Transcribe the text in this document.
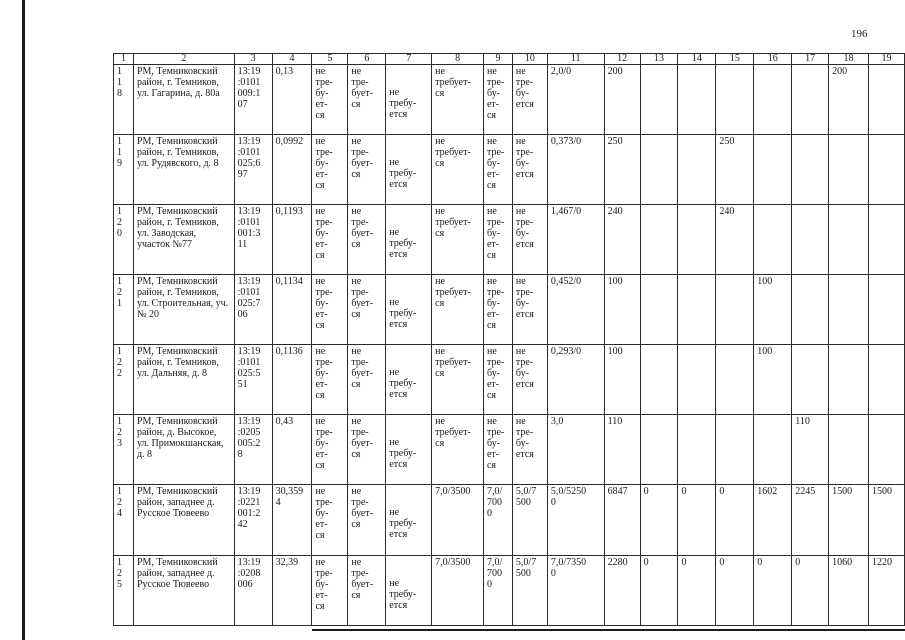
196
1	2	3	4	5	6	7	8	9	10	11	12	13	14	15	16	17	18	19
1
1
8	РМ, Темниковский район, г. Темников, ул. Гагарина, д. 80а	13:19
:0101
009:1
07	0,13	не
тре-
бу-
ет-
ся	не
тре-
бует-
ся	не
требу-
ется	не
требует-
ся	не
тре-
бу-
ет-
ся	не
тре-
бу-
ется	2,0/0	200						200	
1
1
9	РМ, Темниковский район, г. Темников, ул. Рудявского, д. 8	13:19
:0101
025:6
97	0,0992	не
тре-
бу-
ет-
ся	не
тре-
бует-
ся	не
требу-
ется	не
требует-
ся	не
тре-
бу-
ет-
ся	не
тре-
бу-
ется	0,373/0	250			250				
1
2
0	РМ, Темниковский район, г. Темников, ул. Заводская, участок №77	13:19
:0101
001:3
11	0,1193	не
тре-
бу-
ет-
ся	не
тре-
бует-
ся	не
требу-
ется	не
требует-
ся	не
тре-
бу-
ет-
ся	не
тре-
бу-
ется	1,467/0	240			240				
1
2
1	РМ, Темниковский район, г. Темников, ул. Строительная, уч. № 20	13:19
:0101
025:7
06	0,1134	не
тре-
бу-
ет-
ся	не
тре-
бует-
ся	не
требу-
ется	не
требует-
ся	не
тре-
бу-
ет-
ся	не
тре-
бу-
ется	0,452/0	100				100			
1
2
2	РМ, Темниковский район, г. Темников, ул. Дальняя, д. 8	13:19
:0101
025:5
51	0,1136	не
тре-
бу-
ет-
ся	не
тре-
бует-
ся	не
требу-
ется	не
требует-
ся	не
тре-
бу-
ет-
ся	не
тре-
бу-
ется	0,293/0	100				100			
1
2
3	РМ, Темниковский район, д. Высокое, ул. Примокшанская, д. 8	13:19
:0205
005:2
8	0,43	не
тре-
бу-
ет-
ся	не
тре-
бует-
ся	не
требу-
ется	не
требует-
ся	не
тре-
бу-
ет-
ся	не
тре-
бу-
ется	3,0	110					110		
1
2
4	РМ, Темниковский район, западнее д. Русское Тювеево	13:19
:0221
001:2
42	30,359
4	не
тре-
бу-
ет-
ся	не
тре-
бует-
ся	не
требу-
ется	7,0/3500	7,0/
700
0	5,0/7
500	5,0/5250
0	6847	0	0	0	1602	2245	1500	1500
1
2
5	РМ, Темниковский район, западнее д. Русское Тювеево	13:19
:0208
006	32,39	не
тре-
бу-
ет-
ся	не
тре-
бует-
ся	не
требу-
ется	7,0/3500	7,0/
700
0	5,0/7
500	7,0/7350
0	2280	0	0	0	0	0	1060	1220
